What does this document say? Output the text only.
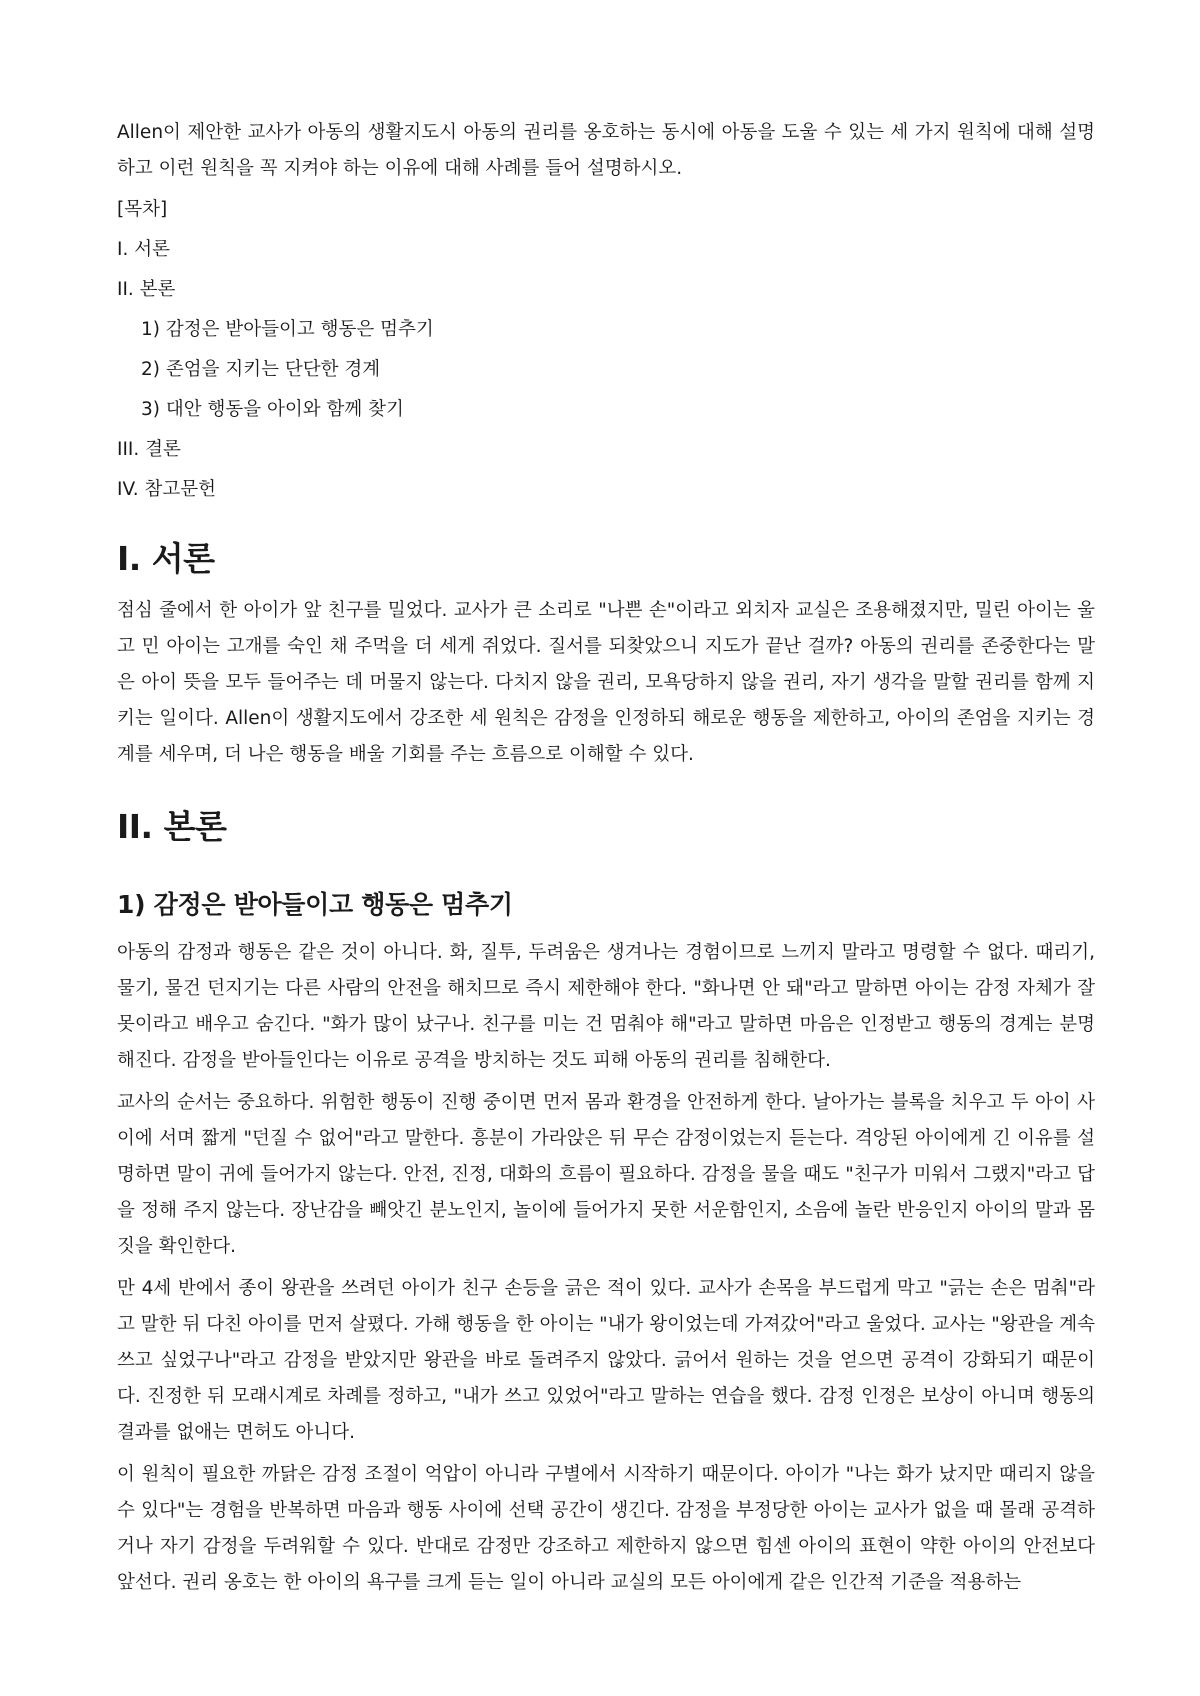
Allen이 제안한 교사가 아동의 생활지도시 아동의 권리를 옹호하는 동시에 아동을 도울 수 있는 세 가지 원칙에 대해 설명하고 이런 원칙을 꼭 지켜야 하는 이유에 대해 사례를 들어 설명하시오.

[목차]
I. 서론
II. 본론
1) 감정은 받아들이고 행동은 멈추기
2) 존엄을 지키는 단단한 경계
3) 대안 행동을 아이와 함께 찾기
III. 결론
IV. 참고문헌
I. 서론

점심 줄에서 한 아이가 앞 친구를 밀었다. 교사가 큰 소리로 "나쁜 손"이라고 외치자 교실은 조용해졌지만, 밀린 아이는 울고 민 아이는 고개를 숙인 채 주먹을 더 세게 쥐었다. 질서를 되찾았으니 지도가 끝난 걸까? 아동의 권리를 존중한다는 말은 아이 뜻을 모두 들어주는 데 머물지 않는다. 다치지 않을 권리, 모욕당하지 않을 권리, 자기 생각을 말할 권리를 함께 지키는 일이다. Allen이 생활지도에서 강조한 세 원칙은 감정을 인정하되 해로운 행동을 제한하고, 아이의 존엄을 지키는 경계를 세우며, 더 나은 행동을 배울 기회를 주는 흐름으로 이해할 수 있다.

II. 본론
1) 감정은 받아들이고 행동은 멈추기

아동의 감정과 행동은 같은 것이 아니다. 화, 질투, 두려움은 생겨나는 경험이므로 느끼지 말라고 명령할 수 없다. 때리기, 물기, 물건 던지기는 다른 사람의 안전을 해치므로 즉시 제한해야 한다. "화나면 안 돼"라고 말하면 아이는 감정 자체가 잘못이라고 배우고 숨긴다. "화가 많이 났구나. 친구를 미는 건 멈춰야 해"라고 말하면 마음은 인정받고 행동의 경계는 분명해진다. 감정을 받아들인다는 이유로 공격을 방치하는 것도 피해 아동의 권리를 침해한다.

교사의 순서는 중요하다. 위험한 행동이 진행 중이면 먼저 몸과 환경을 안전하게 한다. 날아가는 블록을 치우고 두 아이 사이에 서며 짧게 "던질 수 없어"라고 말한다. 흥분이 가라앉은 뒤 무슨 감정이었는지 듣는다. 격앙된 아이에게 긴 이유를 설명하면 말이 귀에 들어가지 않는다. 안전, 진정, 대화의 흐름이 필요하다. 감정을 물을 때도 "친구가 미워서 그랬지"라고 답을 정해 주지 않는다. 장난감을 빼앗긴 분노인지, 놀이에 들어가지 못한 서운함인지, 소음에 놀란 반응인지 아이의 말과 몸짓을 확인한다.

만 4세 반에서 종이 왕관을 쓰려던 아이가 친구 손등을 긁은 적이 있다. 교사가 손목을 부드럽게 막고 "긁는 손은 멈춰"라고 말한 뒤 다친 아이를 먼저 살폈다. 가해 행동을 한 아이는 "내가 왕이었는데 가져갔어"라고 울었다. 교사는 "왕관을 계속 쓰고 싶었구나"라고 감정을 받았지만 왕관을 바로 돌려주지 않았다. 긁어서 원하는 것을 얻으면 공격이 강화되기 때문이다. 진정한 뒤 모래시계로 차례를 정하고, "내가 쓰고 있었어"라고 말하는 연습을 했다. 감정 인정은 보상이 아니며 행동의 결과를 없애는 면허도 아니다.

이 원칙이 필요한 까닭은 감정 조절이 억압이 아니라 구별에서 시작하기 때문이다. 아이가 "나는 화가 났지만 때리지 않을 수 있다"는 경험을 반복하면 마음과 행동 사이에 선택 공간이 생긴다. 감정을 부정당한 아이는 교사가 없을 때 몰래 공격하거나 자기 감정을 두려워할 수 있다. 반대로 감정만 강조하고 제한하지 않으면 힘센 아이의 표현이 약한 아이의 안전보다 앞선다. 권리 옹호는 한 아이의 욕구를 크게 듣는 일이 아니라 교실의 모든 아이에게 같은 인간적 기준을 적용하는
